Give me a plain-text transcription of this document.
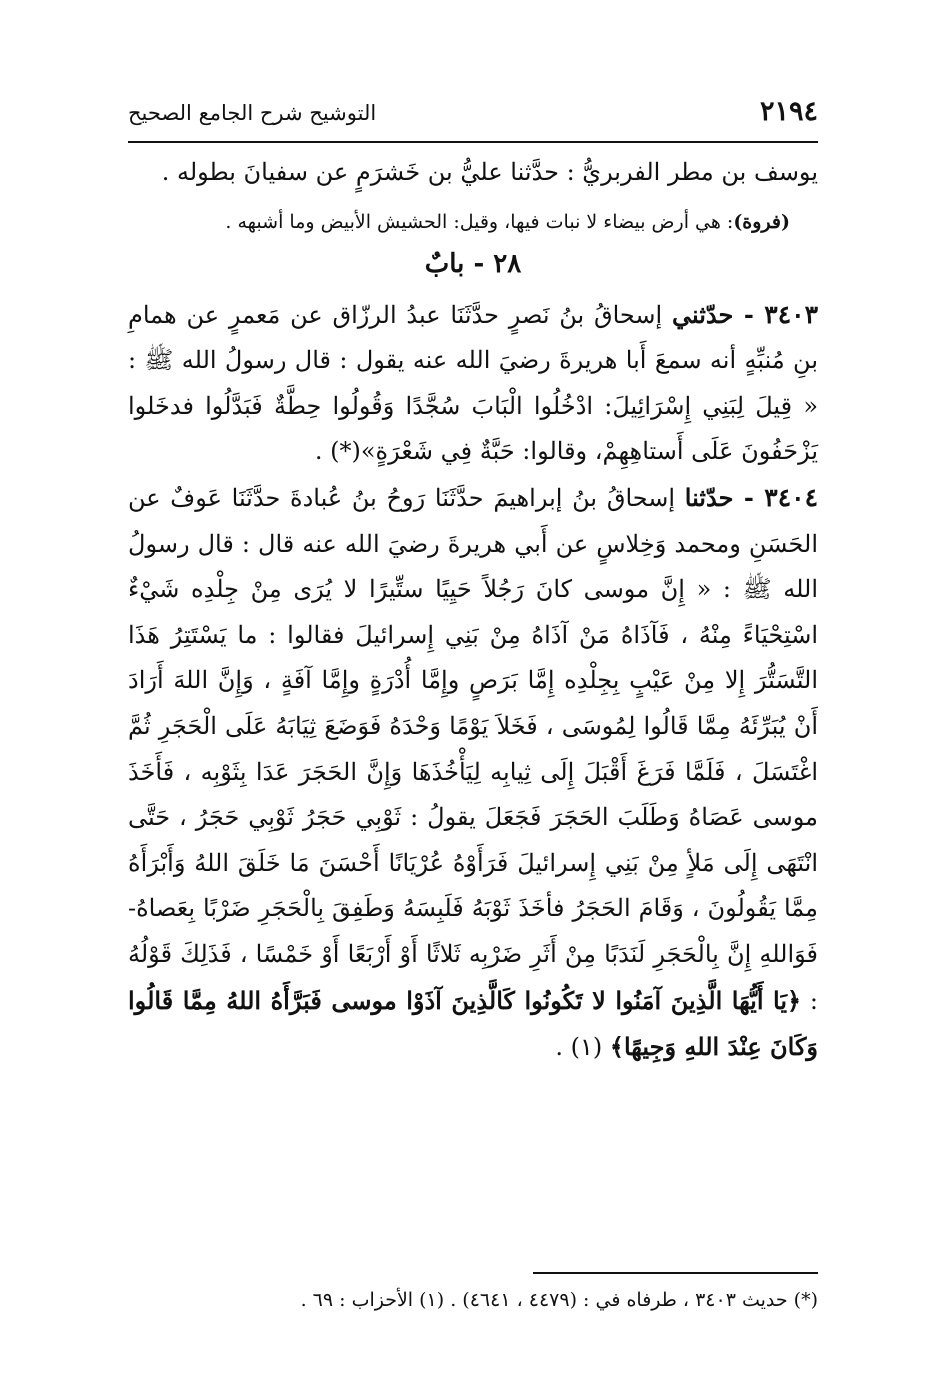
٢١٩٤
التوشيح شرح الجامع الصحيح

يوسف بن مطر الفربريُّ : حدَّثنا عليُّ بن خَشرَمٍ عن سفيانَ بطوله .

(فروة): هي أرض بيضاء لا نبات فيها، وقيل: الحشيش الأبيض وما أشبهه .

٢٨ - بابٌ

٣٤٠٣ - حدّثني إسحاقُ بنُ نَصرٍ حدَّثَنَا عبدُ الرزّاق عن مَعمرٍ عن همامِ بنِ مُنبِّهٍ أنه سمعَ أَبا هريرةَ رضيَ الله عنه يقول : قال رسولُ الله ﷺ : « قِيلَ لِبَنِي إِسْرَائِيلَ: ادْخُلُوا الْبَابَ سُجَّدًا وَقُولُوا حِطَّةٌ فَبَدَّلُوا فدخَلوا يَزْحَفُونَ عَلَى أَستاهِهِمْ، وقالوا: حَبَّةٌ فِي شَعْرَةٍ»(*) .

٣٤٠٤ - حدّثنا إسحاقُ بنُ إبراهيمَ حدَّثَنَا رَوحُ بنُ عُبادةَ حدَّثَنَا عَوفٌ عن الحَسَنِ ومحمد وَخِلاسٍ عن أَبي هريرةَ رضيَ الله عنه قال : قال رسولُ الله ﷺ : « إِنَّ موسى كانَ رَجُلاً حَيِيًا ستِّيرًا لا يُرَى مِنْ جِلْدِه شَيْءٌ اسْتِحْيَاءً مِنْهُ ، فَآذَاهُ مَنْ آذَاهُ مِنْ بَنِي إِسرائيلَ فقالوا : ما يَسْتَتِرُ هَذَا التَّسَتُّرَ إِلا مِنْ عَيْبٍ بِجِلْدِه إِمَّا بَرَصٍ وإِمَّا أُدْرَةٍ وإِمَّا آفَةٍ ، وَإِنَّ اللهَ أَرَادَ أَنْ يُبَرِّئَهُ مِمَّا قَالُوا لِمُوسَى ، فَخَلاَ يَوْمًا وَحْدَهُ فَوَضَعَ ثِيَابَهُ عَلَى الْحَجَرِ ثُمَّ اغْتَسَلَ ، فَلَمَّا فَرَغَ أَقْبَلَ إِلَى ثِيابِه لِيَأْخُذَهَا وَإِنَّ الحَجَرَ عَدَا بِثَوْبِه ، فَأَخَذَ موسى عَصَاهُ وَطَلَبَ الحَجَرَ فَجَعَلَ يقولُ : ثَوْبِي حَجَرُ ثَوْبِي حَجَرُ ، حَتَّى انْتَهَى إِلَى مَلأٍ مِنْ بَنِي إِسرائيلَ فَرَأَوْهُ عُرْيَانًا أَحْسَنَ مَا خَلَقَ اللهُ وَأَبْرَأَهُ مِمَّا يَقُولُونَ ، وَقَامَ الحَجَرُ فأخَذَ ثَوْبَهُ فَلَبِسَهُ وَطَفِقَ بِالْحَجَرِ ضَرْبًا بِعَصاهُ- فَوَاللهِ إِنَّ بِالْحَجَرِ لَنَدَبًا مِنْ أَثَرِ ضَرْبِه ثَلاثًا أَوْ أَرْبَعًا أَوْ خَمْسًا ، فَذَلِكَ قَوْلُهُ : ﴿يَا أَيُّهَا الَّذِينَ آمَنُوا لا تَكُونُوا كَالَّذِينَ آذَوْا موسى فَبَرَّأَهُ اللهُ مِمَّا قَالُوا وَكَانَ عِنْدَ اللهِ وَجِيهًا﴾ (١) .

(*) حديث ٣٤٠٣ ، طرفاه في : (٤٤٧٩ ، ٤٦٤١) . (١) الأحزاب : ٦٩ .
